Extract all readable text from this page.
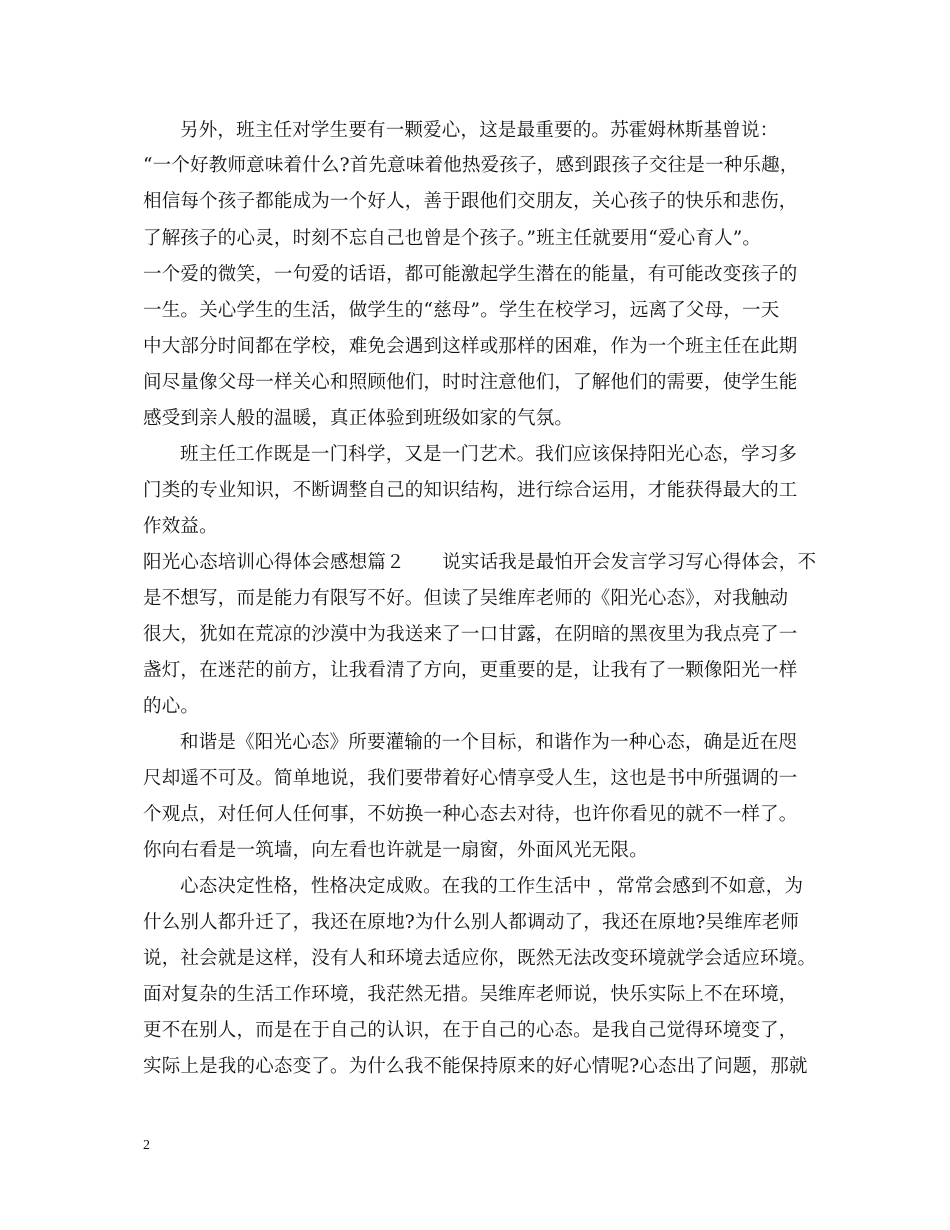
另外，班主任对学生要有一颗爱心，这是最重要的。苏霍姆林斯基曾说：

“一个好教师意味着什么?首先意味着他热爱孩子，感到跟孩子交往是一种乐趣，

相信每个孩子都能成为一个好人，善于跟他们交朋友，关心孩子的快乐和悲伤，

了解孩子的心灵，时刻不忘自己也曾是个孩子。”班主任就要用“爱心育人”。

一个爱的微笑，一句爱的话语，都可能激起学生潜在的能量，有可能改变孩子的

一生。关心学生的生活，做学生的“慈母”。学生在校学习，远离了父母，一天

中大部分时间都在学校，难免会遇到这样或那样的困难，作为一个班主任在此期

间尽量像父母一样关心和照顾他们，时时注意他们，了解他们的需要，使学生能

感受到亲人般的温暖，真正体验到班级如家的气氛。

班主任工作既是一门科学，又是一门艺术。我们应该保持阳光心态，学习多

门类的专业知识，不断调整自己的知识结构，进行综合运用，才能获得最大的工

作效益。

阳光心态培训心得体会感想篇２　　说实话我是最怕开会发言学习写心得体会，不

是不想写，而是能力有限写不好。但读了吴维库老师的《阳光心态》，对我触动

很大，犹如在荒凉的沙漠中为我送来了一口甘露，在阴暗的黑夜里为我点亮了一

盏灯，在迷茫的前方，让我看清了方向，更重要的是，让我有了一颗像阳光一样

的心。

和谐是《阳光心态》所要灌输的一个目标，和谐作为一种心态，确是近在咫

尺却遥不可及。简单地说，我们要带着好心情享受人生，这也是书中所强调的一

个观点，对任何人任何事，不妨换一种心态去对待，也许你看见的就不一样了。

你向右看是一筑墙，向左看也许就是一扇窗，外面风光无限。

心态决定性格，性格决定成败。在我的工作生活中 ，常常会感到不如意，为

什么别人都升迁了，我还在原地?为什么别人都调动了，我还在原地?吴维库老师

说，社会就是这样，没有人和环境去适应你，既然无法改变环境就学会适应环境。

面对复杂的生活工作环境，我茫然无措。吴维库老师说，快乐实际上不在环境，

更不在别人，而是在于自己的认识，在于自己的心态。是我自己觉得环境变了，

实际上是我的心态变了。为什么我不能保持原来的好心情呢?心态出了问题，那就

2
